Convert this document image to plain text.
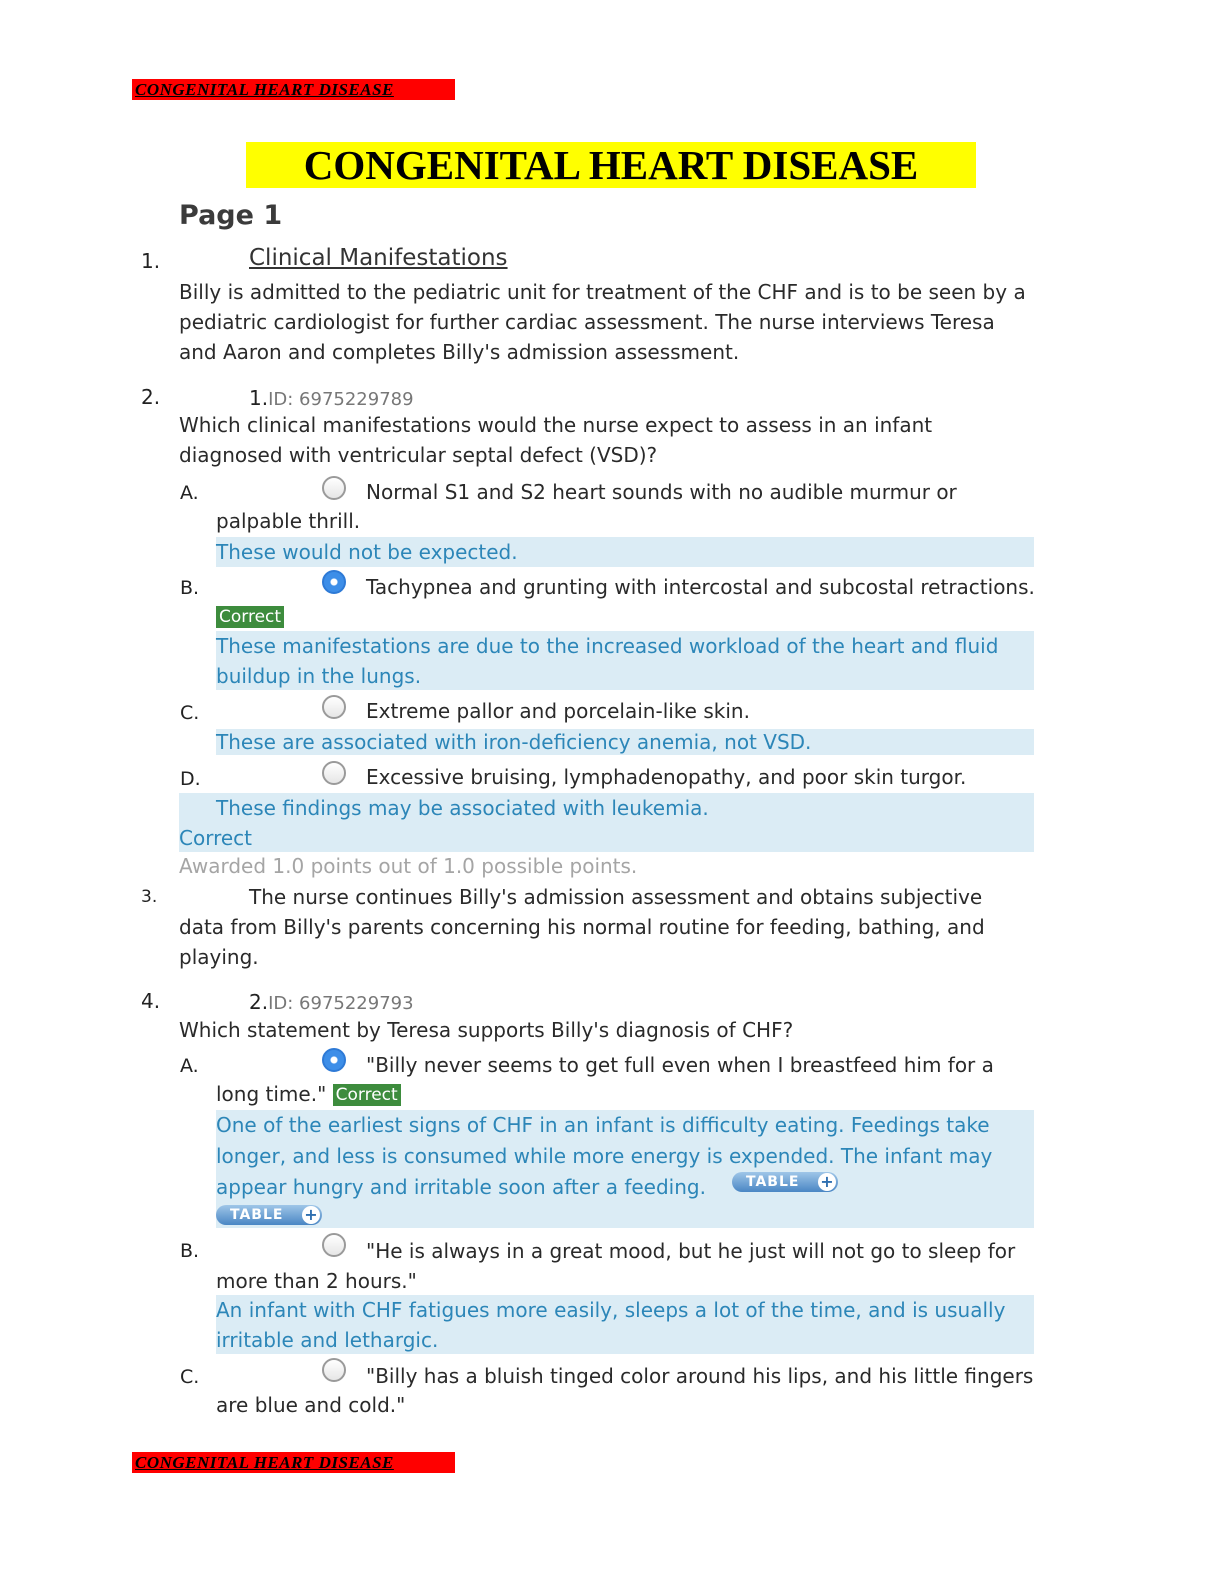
CONGENITAL HEART DISEASE
CONGENITAL HEART DISEASE
Page 1
1.	Clinical Manifestations
Billy is admitted to the pediatric unit for treatment of the CHF and is to be seen by a pediatric cardiologist for further cardiac assessment. The nurse interviews Teresa and Aaron and completes Billy's admission assessment.
2.	1.ID: 6975229789
Which clinical manifestations would the nurse expect to assess in an infant diagnosed with ventricular septal defect (VSD)?
A.	Normal S1 and S2 heart sounds with no audible murmur or palpable thrill.
These would not be expected.
B.	Tachypnea and grunting with intercostal and subcostal retractions. Correct
These manifestations are due to the increased workload of the heart and fluid buildup in the lungs.
C.	Extreme pallor and porcelain-like skin.
These are associated with iron-deficiency anemia, not VSD.
D.	Excessive bruising, lymphadenopathy, and poor skin turgor.
These findings may be associated with leukemia.
Correct
Awarded 1.0 points out of 1.0 possible points.
3.	The nurse continues Billy's admission assessment and obtains subjective data from Billy's parents concerning his normal routine for feeding, bathing, and playing.
4.	2.ID: 6975229793
Which statement by Teresa supports Billy's diagnosis of CHF?
A.	"Billy never seems to get full even when I breastfeed him for a long time." Correct
One of the earliest signs of CHF in an infant is difficulty eating. Feedings take longer, and less is consumed while more energy is expended. The infant may appear hungry and irritable soon after a feeding.	TABLE +
TABLE +
B.	"He is always in a great mood, but he just will not go to sleep for more than 2 hours."
An infant with CHF fatigues more easily, sleeps a lot of the time, and is usually irritable and lethargic.
C.	"Billy has a bluish tinged color around his lips, and his little fingers are blue and cold."
CONGENITAL HEART DISEASE
